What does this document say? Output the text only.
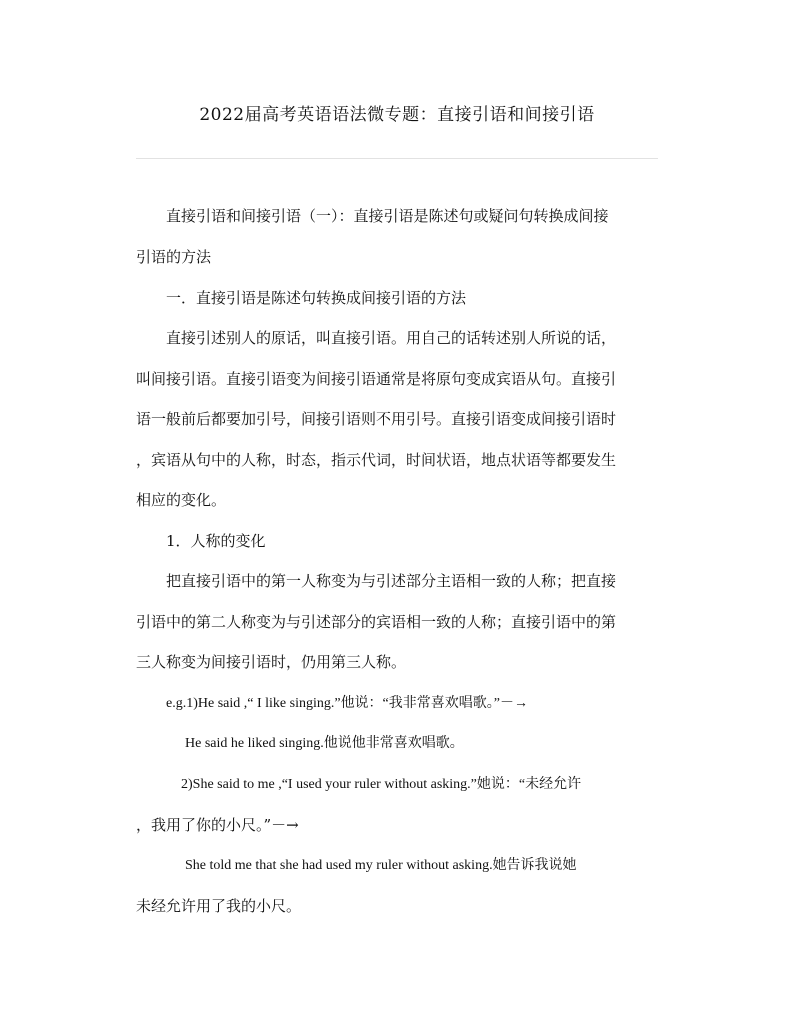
2022届高考英语语法微专题：直接引语和间接引语
直接引语和间接引语（一）：直接引语是陈述句或疑问句转换成间接
引语的方法
一．直接引语是陈述句转换成间接引语的方法
直接引述别人的原话，叫直接引语。用自己的话转述别人所说的话，
叫间接引语。直接引语变为间接引语通常是将原句变成宾语从句。直接引
语一般前后都要加引号，间接引语则不用引号。直接引语变成间接引语时
，宾语从句中的人称，时态，指示代词，时间状语，地点状语等都要发生
相应的变化。
1．人称的变化
把直接引语中的第一人称变为与引述部分主语相一致的人称；把直接
引语中的第二人称变为与引述部分的宾语相一致的人称；直接引语中的第
三人称变为间接引语时，仍用第三人称。
e.g.1)He said ,“ I like singing.”他说：“我非常喜欢唱歌。”－→
He said he liked singing.他说他非常喜欢唱歌。
2)She said to me ,“I used your ruler without asking.”她说：“未经允许
，我用了你的小尺。”－→
She told me that she had used my ruler without asking.她告诉我说她
未经允许用了我的小尺。
